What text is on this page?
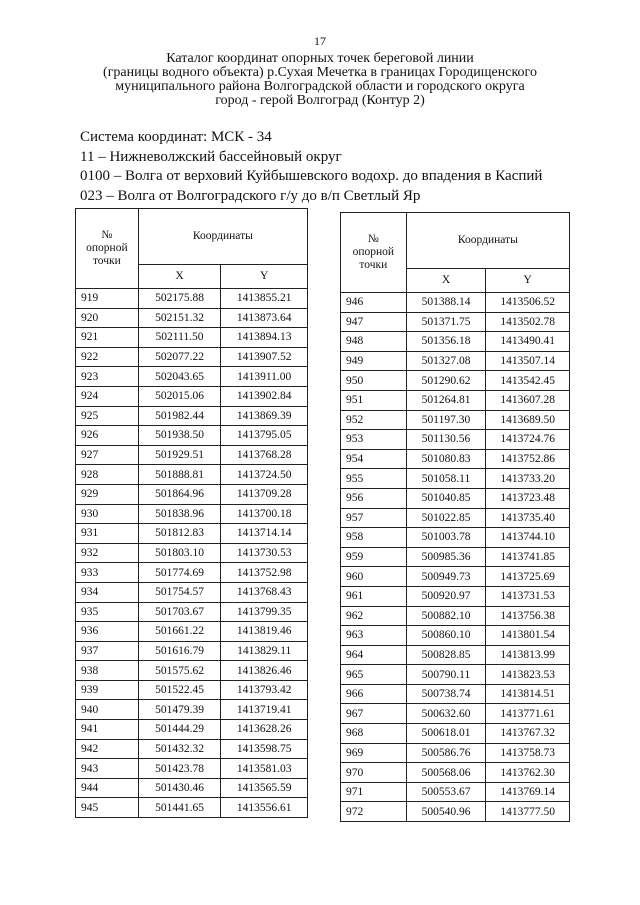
17
Каталог координат опорных точек береговой линии
(границы водного объекта) р.Сухая Мечетка в границах Городищенского
муниципального района Волгоградской области и городского округа
город - герой Волгоград (Контур 2)
Система координат: МСК - 34
11 – Нижневолжский бассейновый округ
0100 – Волга от верховий Куйбышевского водохр. до впадения в Каспий
023 – Волга от Волгоградского г/у до в/п Светлый Яр
№
опорной
точки	Координаты	
	X	Y
919	502175.88	1413855.21
920	502151.32	1413873.64
921	502111.50	1413894.13
922	502077.22	1413907.52
923	502043.65	1413911.00
924	502015.06	1413902.84
925	501982.44	1413869.39
926	501938.50	1413795.05
927	501929.51	1413768.28
928	501888.81	1413724.50
929	501864.96	1413709.28
930	501838.96	1413700.18
931	501812.83	1413714.14
932	501803.10	1413730.53
933	501774.69	1413752.98
934	501754.57	1413768.43
935	501703.67	1413799.35
936	501661.22	1413819.46
937	501616.79	1413829.11
938	501575.62	1413826.46
939	501522.45	1413793.42
940	501479.39	1413719.41
941	501444.29	1413628.26
942	501432.32	1413598.75
943	501423.78	1413581.03
944	501430.46	1413565.59
945	501441.65	1413556.61
№
опорной
точки	Координаты	
	X	Y
946	501388.14	1413506.52
947	501371.75	1413502.78
948	501356.18	1413490.41
949	501327.08	1413507.14
950	501290.62	1413542.45
951	501264.81	1413607.28
952	501197.30	1413689.50
953	501130.56	1413724.76
954	501080.83	1413752.86
955	501058.11	1413733.20
956	501040.85	1413723.48
957	501022.85	1413735.40
958	501003.78	1413744.10
959	500985.36	1413741.85
960	500949.73	1413725.69
961	500920.97	1413731.53
962	500882.10	1413756.38
963	500860.10	1413801.54
964	500828.85	1413813.99
965	500790.11	1413823.53
966	500738.74	1413814.51
967	500632.60	1413771.61
968	500618.01	1413767.32
969	500586.76	1413758.73
970	500568.06	1413762.30
971	500553.67	1413769.14
972	500540.96	1413777.50
